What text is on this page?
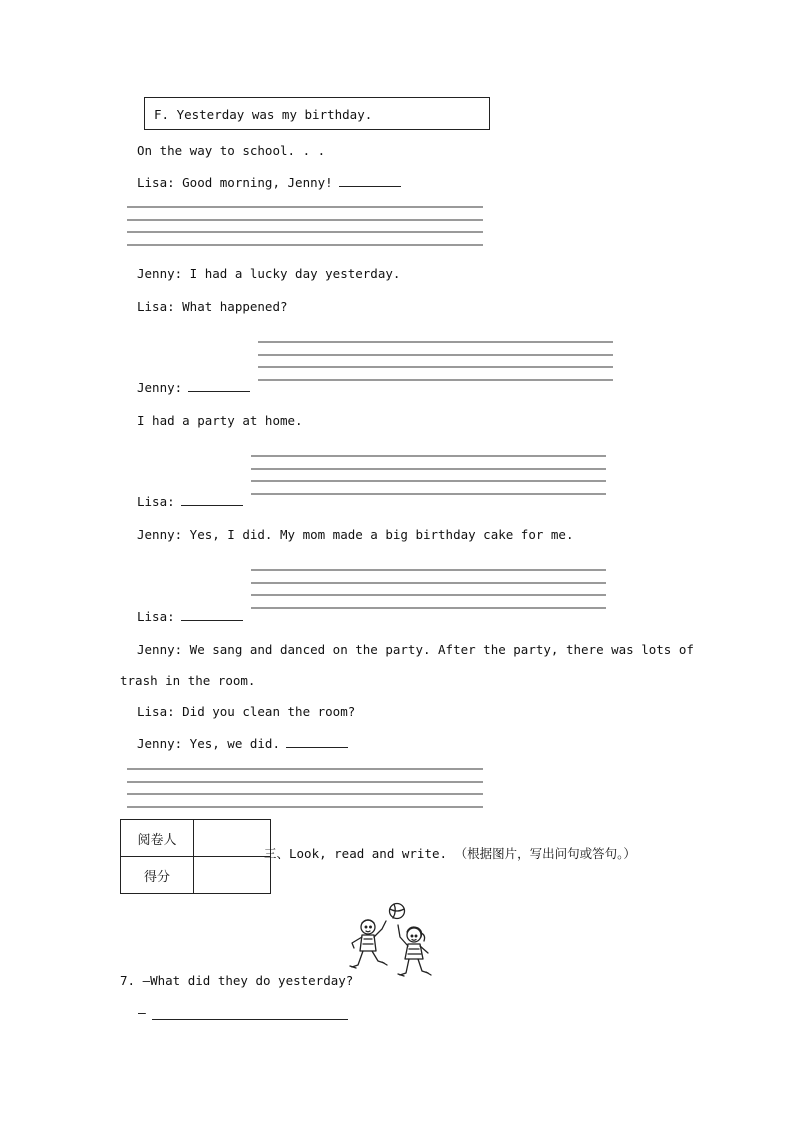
F. Yesterday was my birthday.
On the way to school. . .
Lisa: Good morning, Jenny!
Jenny: I had a lucky day yesterday.
Lisa: What happened?
Jenny:
I had a party at home.
Lisa:
Jenny: Yes, I did. My mom made a big birthday cake for me.
Lisa:
Jenny: We sang and danced on the party. After the party, there was lots of
trash in the room.
Lisa: Did you clean the room?
Jenny: Yes, we did.
阅卷人	
得分	
三、Look, read and write. （根据图片，写出问句或答句。）
7. —What did they do yesterday?
—
